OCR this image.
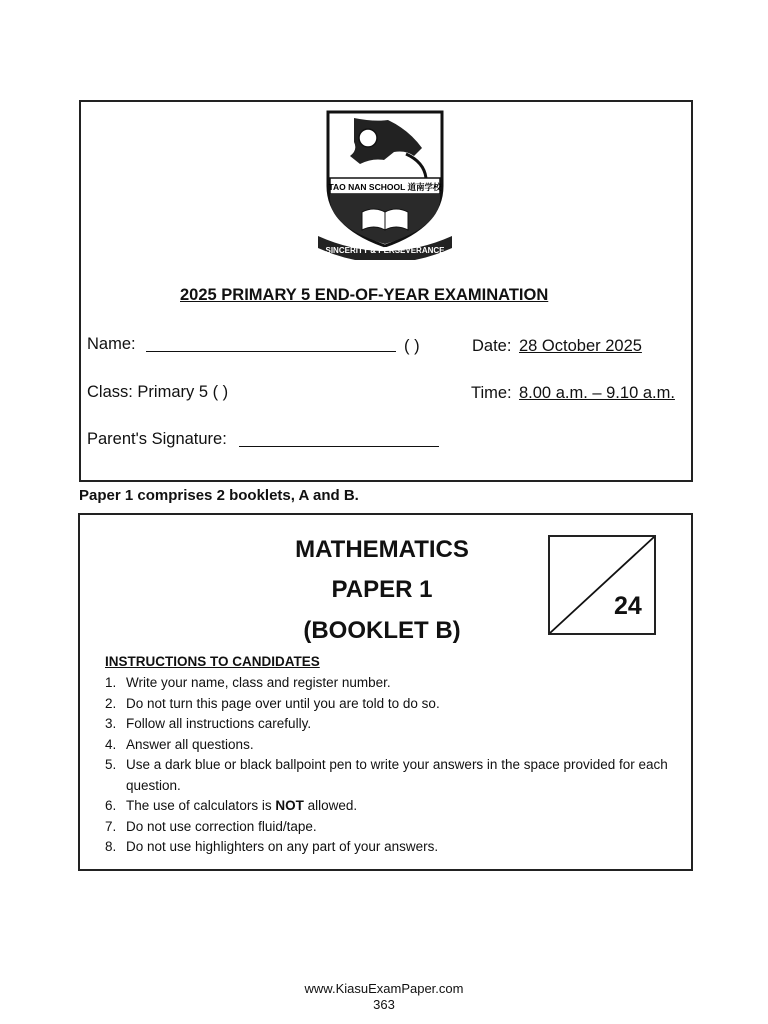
TAO NAN SCHOOL 道南学校
SINCERITY & PERSEVERANCE
2025 PRIMARY 5 END-OF-YEAR EXAMINATION
Name:	( )	Date: 28 October 2025
Class: Primary 5 ( )	Time: 8.00 a.m. – 9.10 a.m.
Parent's Signature:
Paper 1 comprises 2 booklets, A and B.
MATHEMATICS
PAPER 1
(BOOKLET B)
24
INSTRUCTIONS TO CANDIDATES
1. Write your name, class and register number.
2. Do not turn this page over until you are told to do so.
3. Follow all instructions carefully.
4. Answer all questions.
5. Use a dark blue or black ballpoint pen to write your answers in the space provided for each question.
6. The use of calculators is NOT allowed.
7. Do not use correction fluid/tape.
8. Do not use highlighters on any part of your answers.
www.KiasuExamPaper.com
363
